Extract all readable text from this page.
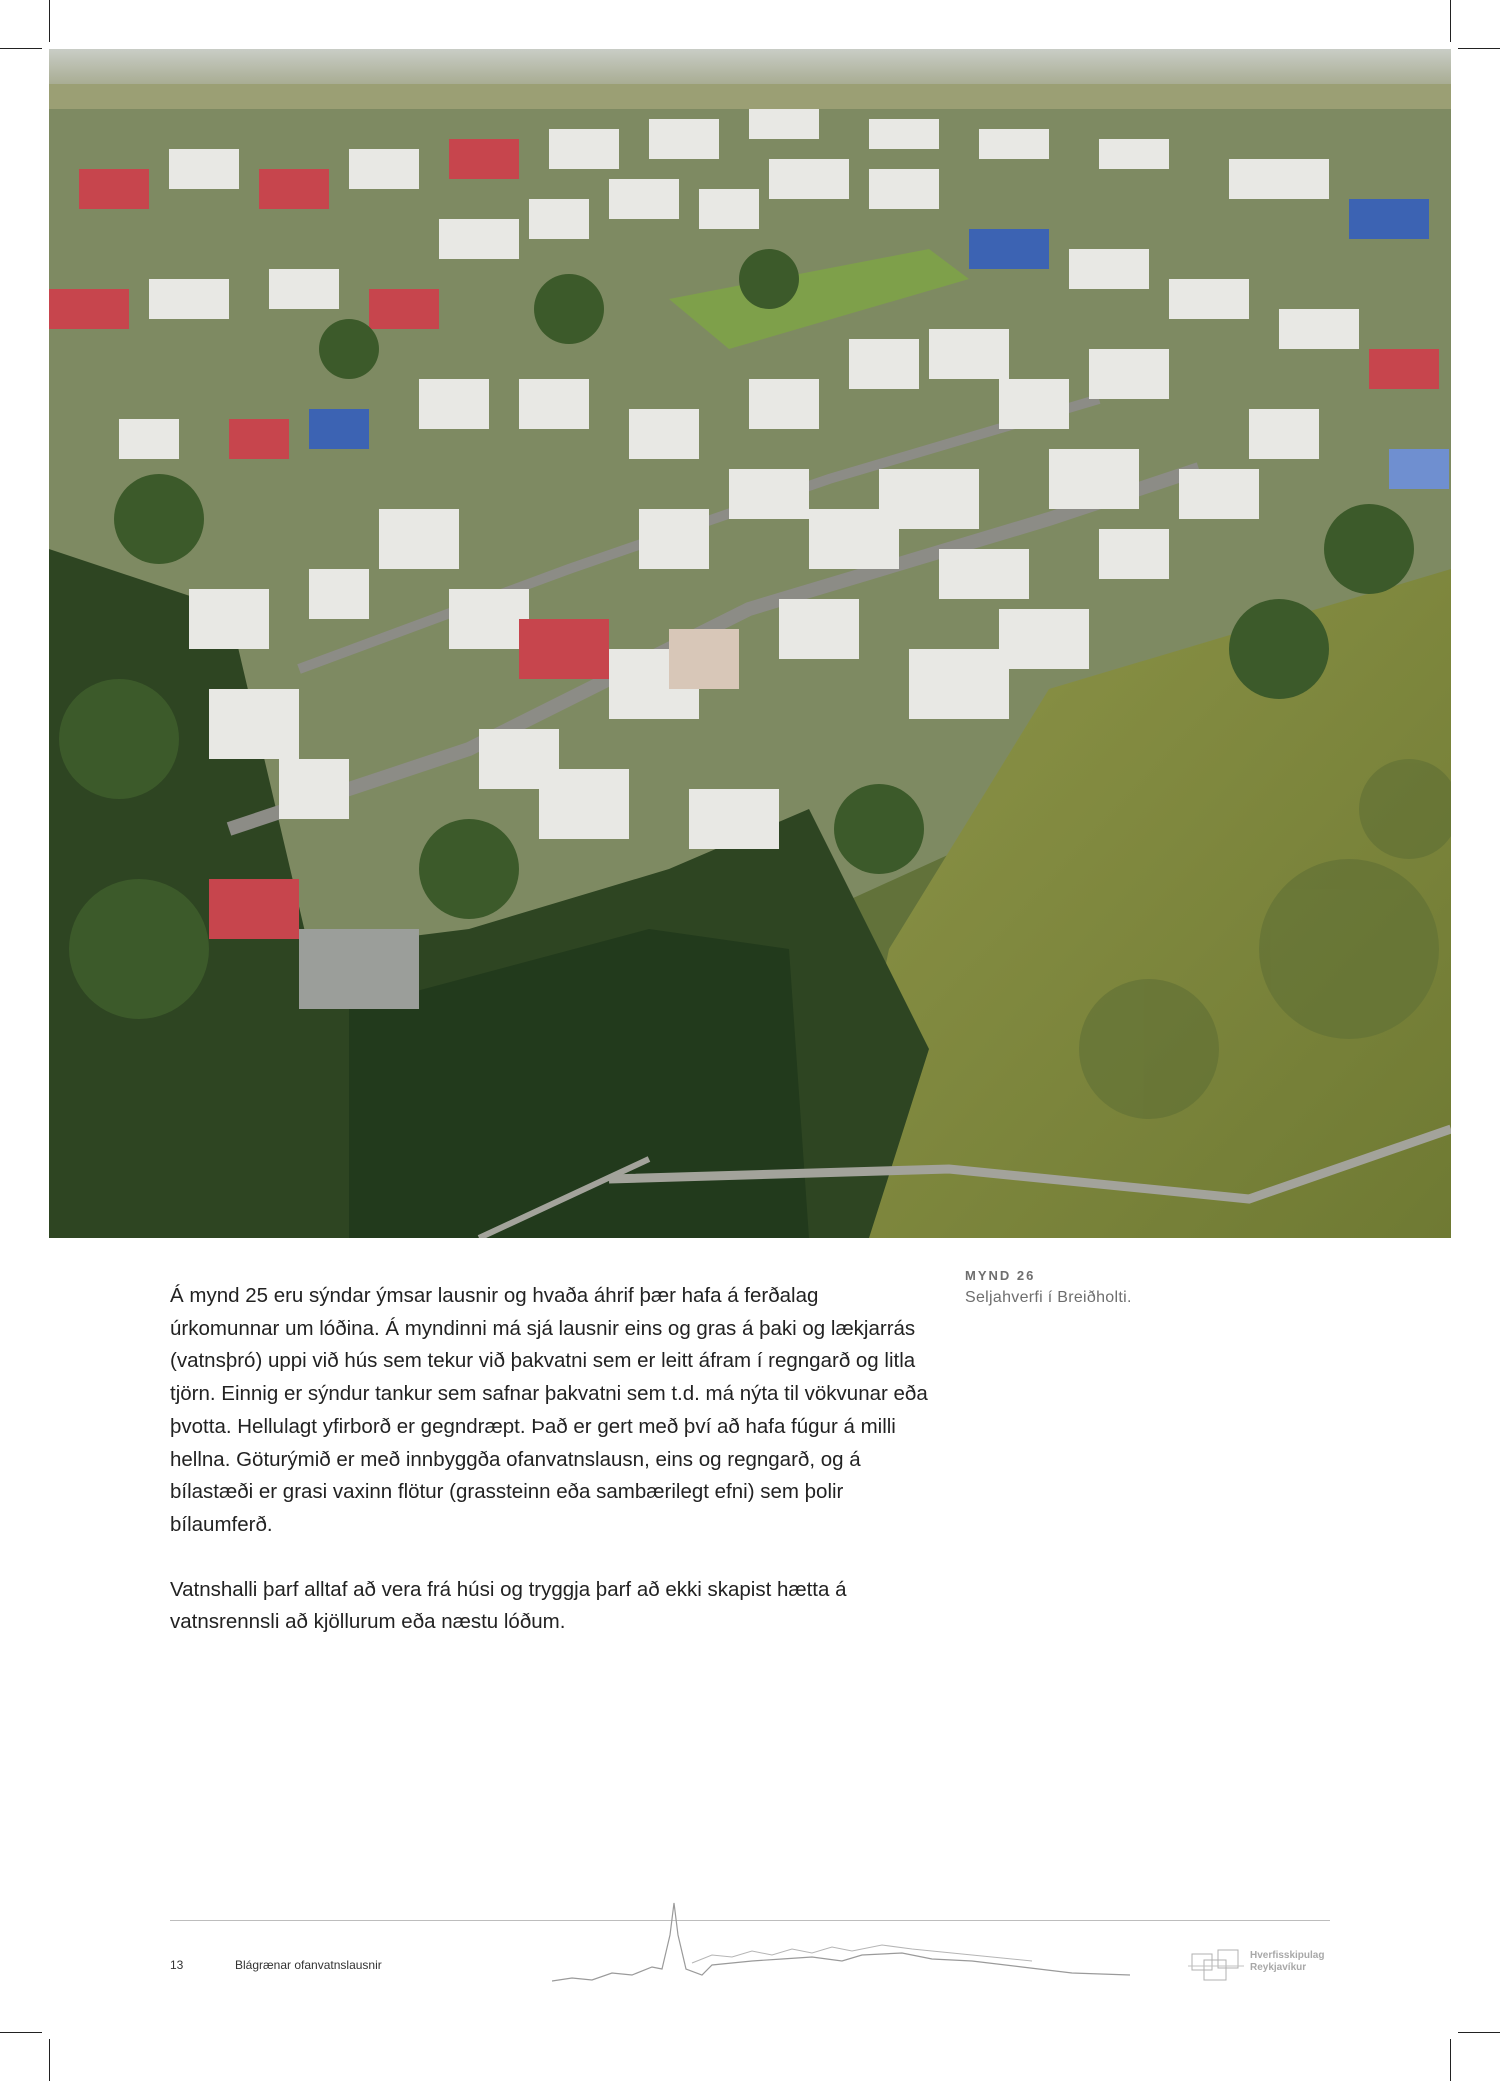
MYND 26
Seljahverfi í Breiðholti.

Á mynd 25 eru sýndar ýmsar lausnir og hvaða áhrif þær hafa á ferðalag úrkomunnar um lóðina. Á myndinni má sjá lausnir eins og gras á þaki og lækjarrás (vatnsþró) uppi við hús sem tekur við þakvatni sem er leitt áfram í regngarð og litla tjörn. Einnig er sýndur tankur sem safnar þakvatni sem t.d. má nýta til vökvunar eða þvotta. Hellulagt yfirborð er gegndræpt. Það er gert með því að hafa fúgur á milli hellna. Göturýmið er með innbyggða ofanvatnslausn, eins og regngarð, og á bílastæði er grasi vaxinn flötur (grassteinn eða sambærilegt efni) sem þolir bílaumferð.

Vatnshalli þarf alltaf að vera frá húsi og tryggja þarf að ekki skapist hætta á vatnsrennsli að kjöllurum eða næstu lóðum.

13	Blágrænar ofanvatnslausnir
Hverfisskipulag
Reykjavíkur
